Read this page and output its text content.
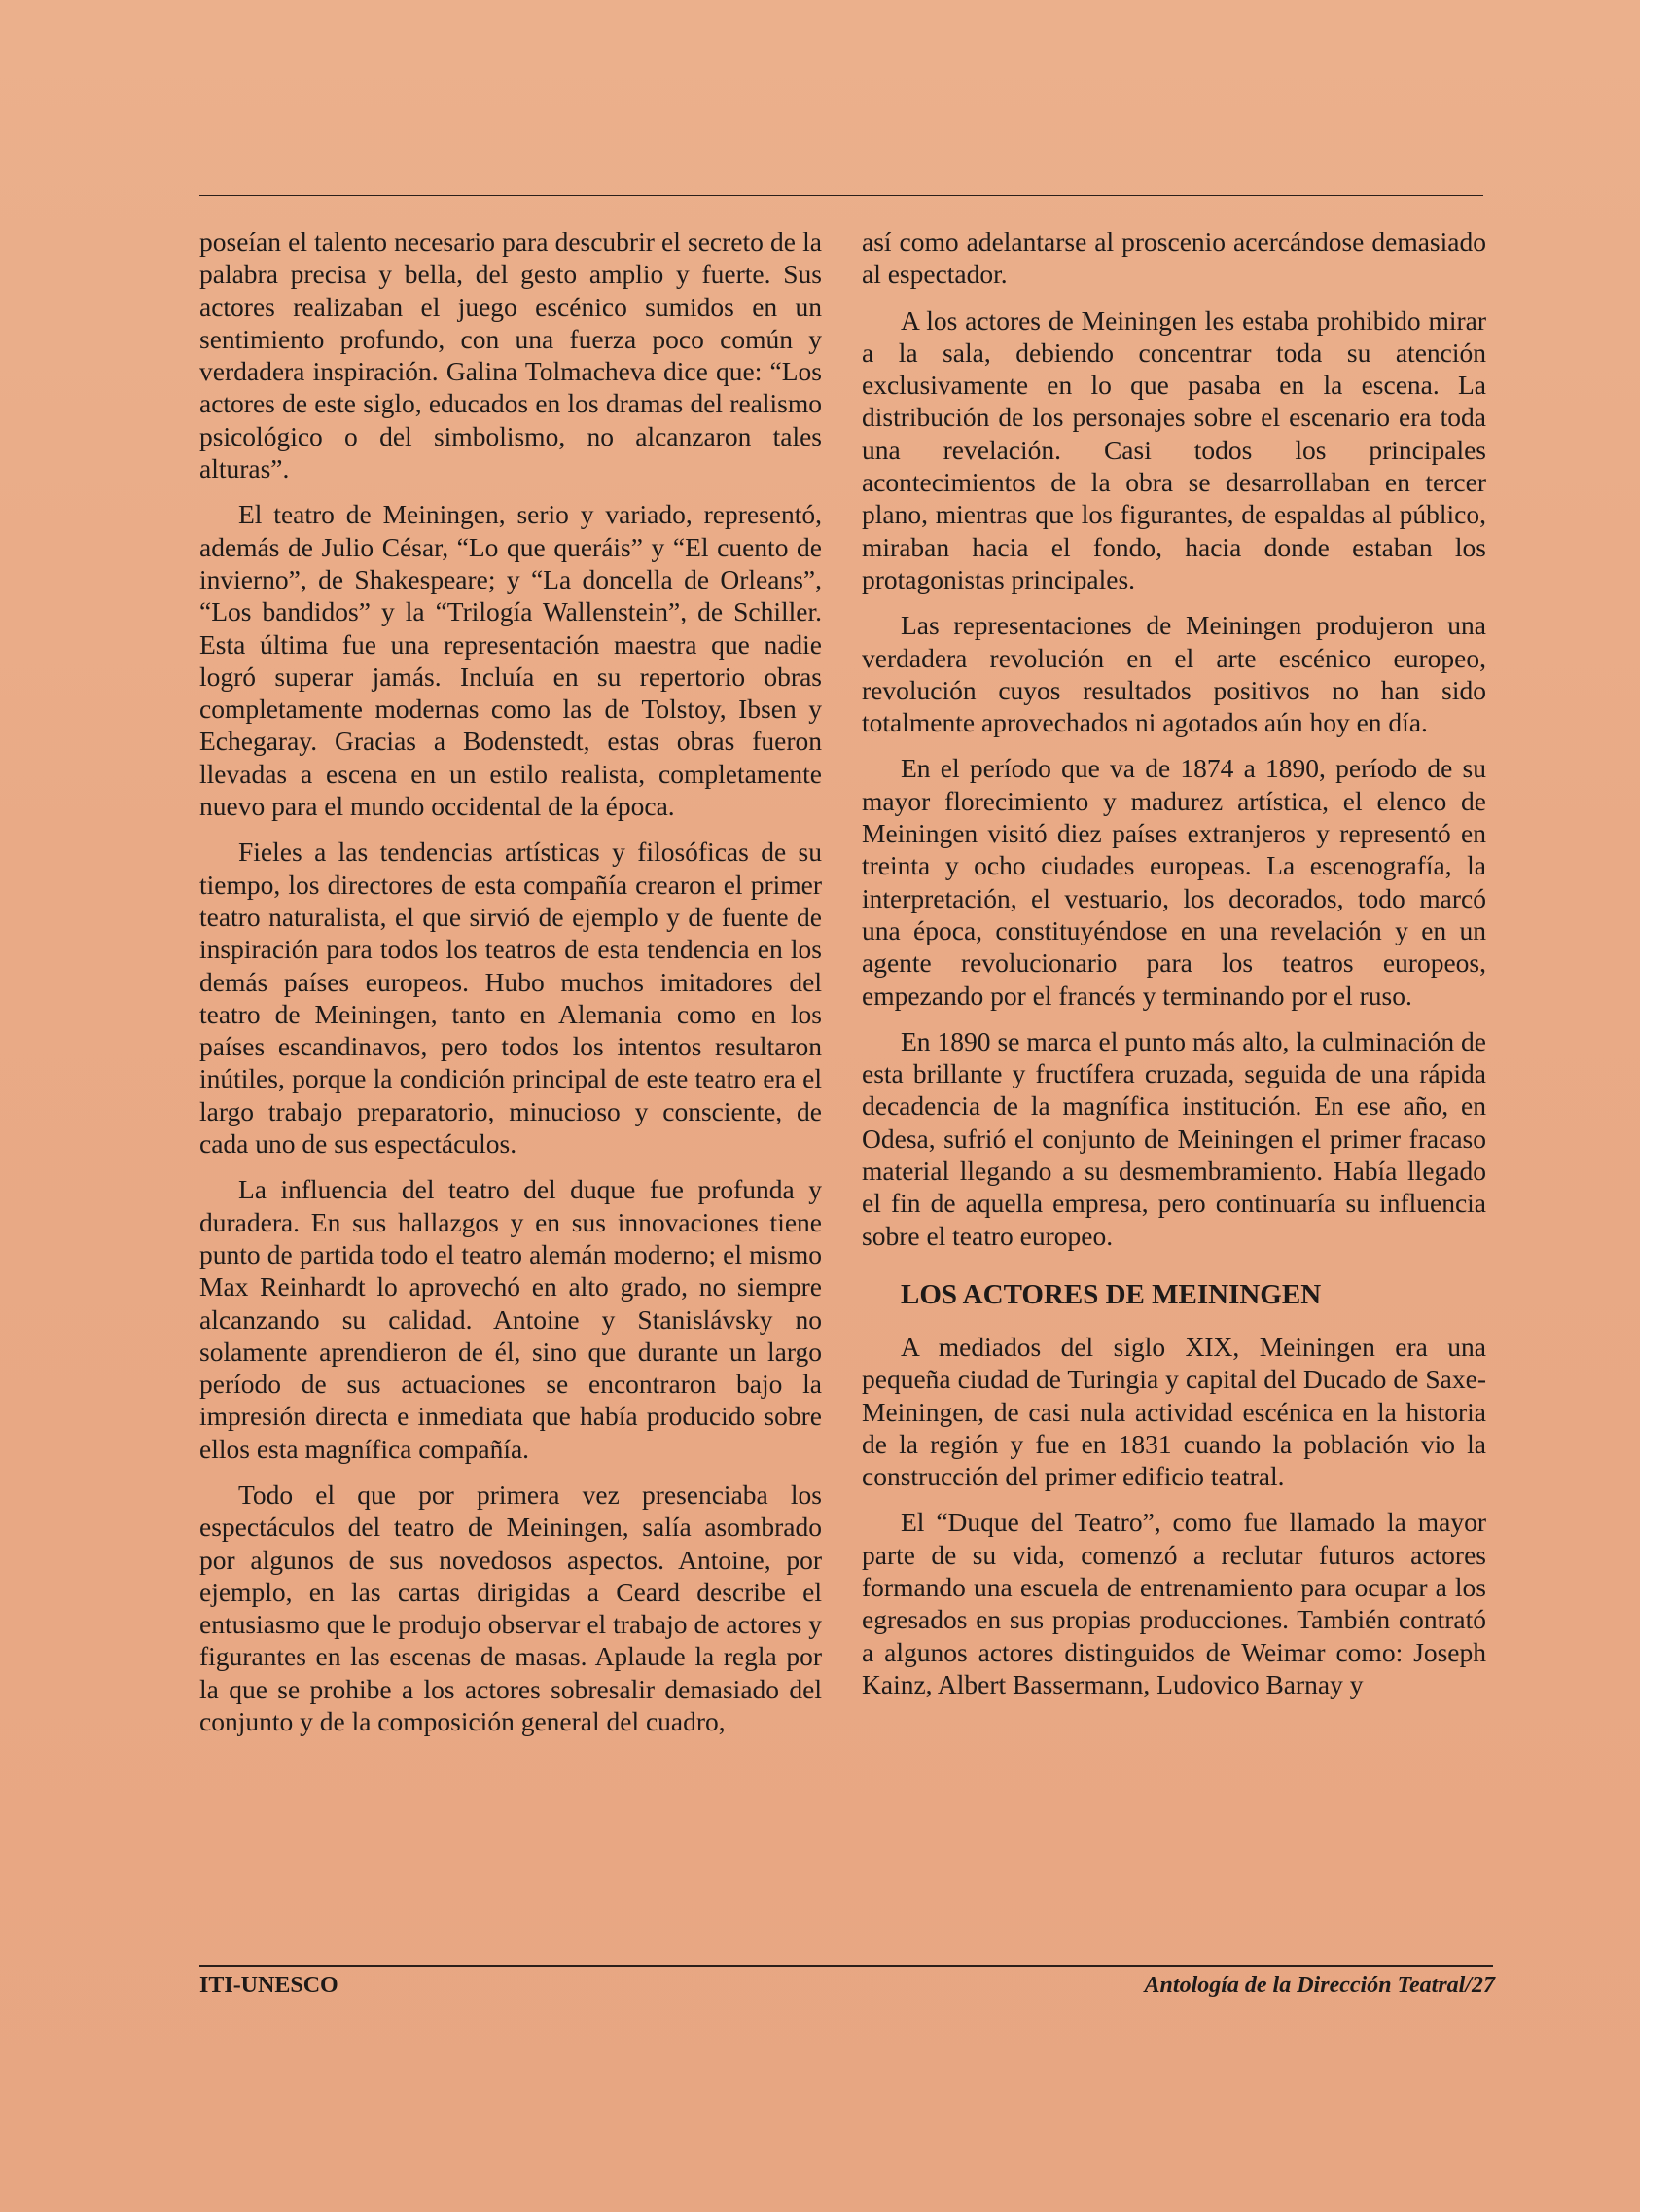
poseían el talento necesario para descubrir el secreto de la palabra precisa y bella, del gesto amplio y fuerte. Sus actores realizaban el juego escénico sumidos en un sentimiento profundo, con una fuerza poco común y verdadera inspiración. Galina Tolmacheva dice que: “Los actores de este siglo, educados en los dramas del realismo psicológico o del simbolismo, no alcanzaron tales alturas”.

El teatro de Meiningen, serio y variado, representó, además de Julio César, “Lo que queráis” y “El cuento de invierno”, de Shakespeare; y “La doncella de Orleans”, “Los bandidos” y la “Trilogía Wallenstein”, de Schiller. Esta última fue una representación maestra que nadie logró superar jamás. Incluía en su repertorio obras completamente modernas como las de Tolstoy, Ibsen y Echegaray. Gracias a Bodenstedt, estas obras fueron llevadas a escena en un estilo realista, completamente nuevo para el mundo occidental de la época.

Fieles a las tendencias artísticas y filosóficas de su tiempo, los directores de esta compañía crearon el primer teatro naturalista, el que sirvió de ejemplo y de fuente de inspiración para todos los teatros de esta tendencia en los demás países europeos. Hubo muchos imitadores del teatro de Meiningen, tanto en Alemania como en los países escandinavos, pero todos los intentos resultaron inútiles, porque la condición principal de este teatro era el largo trabajo preparatorio, minucioso y consciente, de cada uno de sus espectáculos.

La influencia del teatro del duque fue profunda y duradera. En sus hallazgos y en sus innovaciones tiene punto de partida todo el teatro alemán moderno; el mismo Max Reinhardt lo aprovechó en alto grado, no siempre alcanzando su calidad. Antoine y Stanislávsky no solamente aprendieron de él, sino que durante un largo período de sus actuaciones se encontraron bajo la impresión directa e inmediata que había producido sobre ellos esta magnífica compañía.

Todo el que por primera vez presenciaba los espectáculos del teatro de Meiningen, salía asombrado por algunos de sus novedosos aspectos. Antoine, por ejemplo, en las cartas dirigidas a Ceard describe el entusiasmo que le produjo observar el trabajo de actores y figurantes en las escenas de masas. Aplaude la regla por la que se prohibe a los actores sobresalir demasiado del conjunto y de la composición general del cuadro,

así como adelantarse al proscenio acercándose demasiado al espectador.

A los actores de Meiningen les estaba prohibido mirar a la sala, debiendo concentrar toda su atención exclusivamente en lo que pasaba en la escena. La distribución de los personajes sobre el escenario era toda una revelación. Casi todos los principales acontecimientos de la obra se desarrollaban en tercer plano, mientras que los figurantes, de espaldas al público, miraban hacia el fondo, hacia donde estaban los protagonistas principales.

Las representaciones de Meiningen produjeron una verdadera revolución en el arte escénico europeo, revolución cuyos resultados positivos no han sido totalmente aprovechados ni agotados aún hoy en día.

En el período que va de 1874 a 1890, período de su mayor florecimiento y madurez artística, el elenco de Meiningen visitó diez países extranjeros y representó en treinta y ocho ciudades europeas. La escenografía, la interpretación, el vestuario, los decorados, todo marcó una época, constituyéndose en una revelación y en un agente revolucionario para los teatros europeos, empezando por el francés y terminando por el ruso.

En 1890 se marca el punto más alto, la culminación de esta brillante y fructífera cruzada, seguida de una rápida decadencia de la magnífica institución. En ese año, en Odesa, sufrió el conjunto de Meiningen el primer fracaso material llegando a su desmembramiento. Había llegado el fin de aquella empresa, pero continuaría su influencia sobre el teatro europeo.

LOS ACTORES DE MEININGEN

A mediados del siglo XIX, Meiningen era una pequeña ciudad de Turingia y capital del Ducado de Saxe-Meiningen, de casi nula actividad escénica en la historia de la región y fue en 1831 cuando la población vio la construcción del primer edificio teatral.

El “Duque del Teatro”, como fue llamado la mayor parte de su vida, comenzó a reclutar futuros actores formando una escuela de entrenamiento para ocupar a los egresados en sus propias producciones. También contrató a algunos actores distinguidos de Weimar como: Joseph Kainz, Albert Bassermann, Ludovico Barnay y

ITI-UNESCO	Antología de la Dirección Teatral/27
